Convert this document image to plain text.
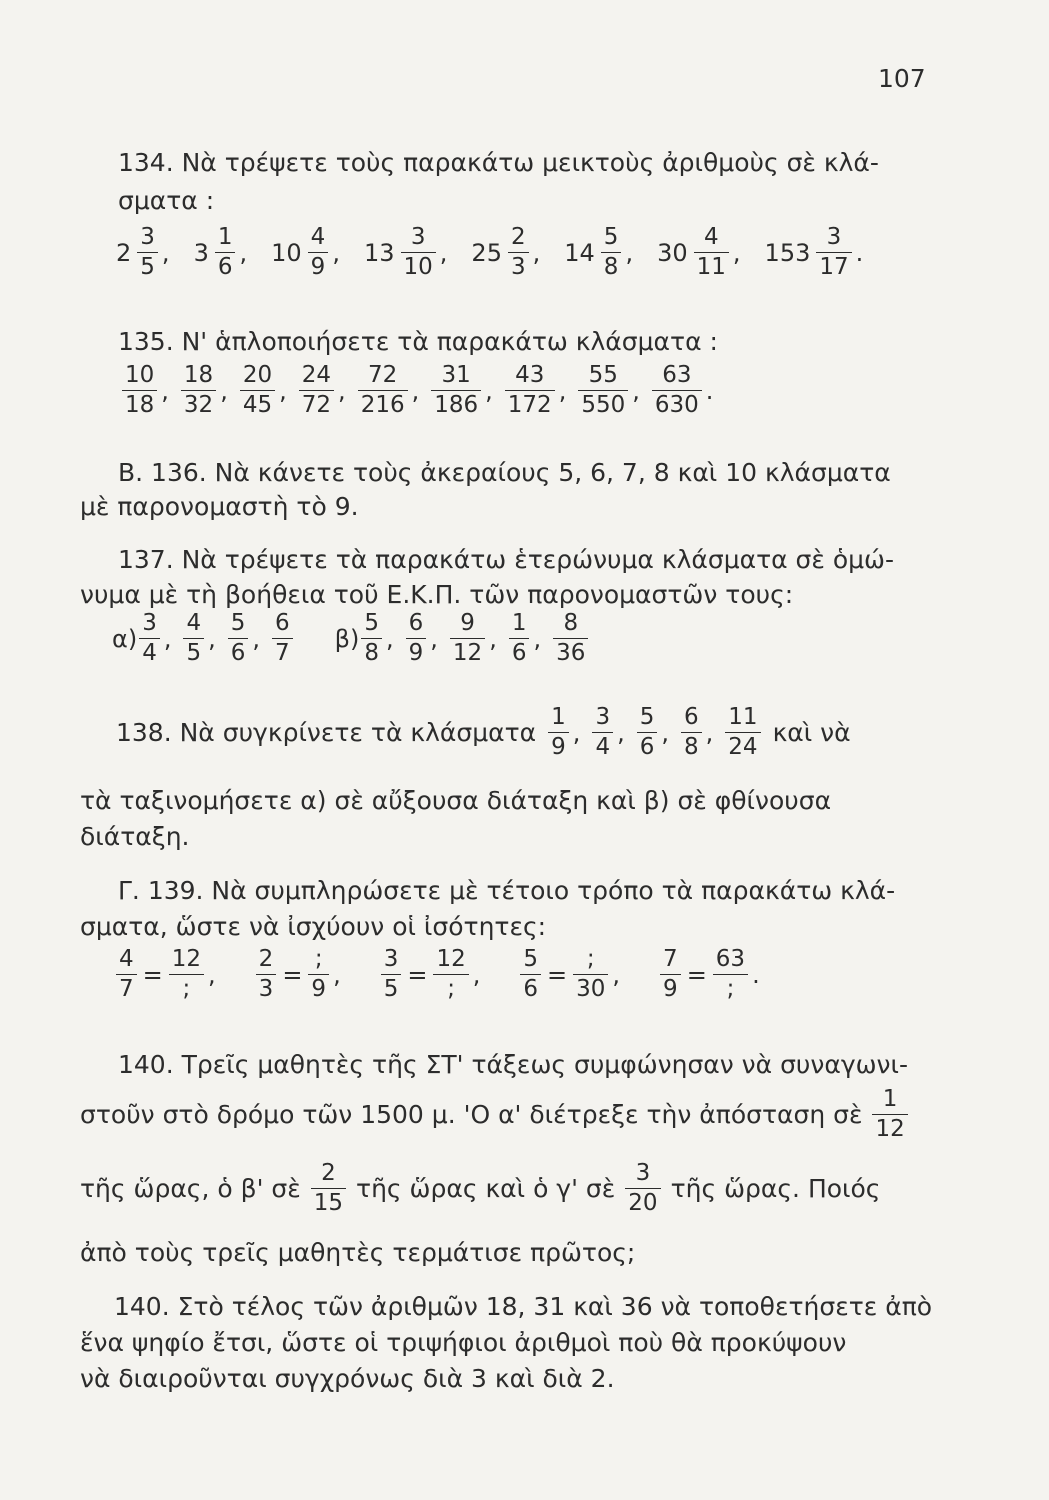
107
134. Νὰ τρέψετε τοὺς παρακάτω μεικτοὺς ἀριθμοὺς σὲ κλά-
σματα :
$2 \frac{3}{5}$ , $3 \frac{1}{6}$ , $10 \frac{4}{9}$ , $13 \frac{3}{10}$ , $25 \frac{2}{3}$ , $14 \frac{5}{8}$ , $30 \frac{4}{11}$ , $153 \frac{3}{17}$ .
135. Ν' ἁπλοποιήσετε τὰ παρακάτω κλάσματα :
$\frac{10}{18}$ , $\frac{18}{32}$ , $\frac{20}{45}$ , $\frac{24}{72}$ , $\frac{72}{216}$ , $\frac{31}{186}$ , $\frac{43}{172}$ , $\frac{55}{550}$ , $\frac{63}{630}$ .
Β. 136. Νὰ κάνετε τοὺς ἀκεραίους 5, 6, 7, 8 καὶ 10 κλάσματα
μὲ παρονομαστὴ τὸ 9.
137. Νὰ τρέψετε τὰ παρακάτω ἑτερώνυμα κλάσματα σὲ ὁμώ-
νυμα μὲ τὴ βοήθεια τοῦ Ε.Κ.Π. τῶν παρονομαστῶν τους:
$\alpha) \frac{3}{4}$ , $\frac{4}{5}$ , $\frac{5}{6}$ , $\frac{6}{7} \beta) \frac{5}{8}$ , $\frac{6}{9}$ , $\frac{9}{12}$ , $\frac{1}{6}$ , $\frac{8}{36}$
138. Νὰ συγκρίνετε τὰ κλάσματα $\frac{1}{9}$ , $\frac{3}{4}$ , $\frac{5}{6}$ , $\frac{6}{8}$ , $\frac{11}{24}$ καὶ νὰ
τὰ ταξινομήσετε α) σὲ αὔξουσα διάταξη καὶ β) σὲ φθίνουσα
διάταξη.
Γ. 139. Νὰ συμπληρώσετε μὲ τέτοιο τρόπο τὰ παρακάτω κλά-
σματα, ὥστε νὰ ἰσχύουν οἱ ἰσότητες:
$\frac{4}{7} = \frac{12}{;}$ , $\frac{2}{3} = \frac{;}{9}$ , $\frac{3}{5} = \frac{12}{;}$ , $\frac{5}{6} = \frac{;}{30}$ , $\frac{7}{9} = \frac{63}{;}$ .
140. Τρεῖς μαθητὲς τῆς ΣΤ' τάξεως συμφώνησαν νὰ συναγωνι-
στοῦν στὸ δρόμο τῶν 1500 μ. 'Ο α' διέτρεξε τὴν ἀπόσταση σὲ $\frac{1}{12}$
τῆς ὥρας, ὁ β' σὲ $\frac{2}{15}$ τῆς ὥρας καὶ ὁ γ' σὲ $\frac{3}{20}$ τῆς ὥρας. Ποιός
ἀπὸ τοὺς τρεῖς μαθητὲς τερμάτισε πρῶτος;
140. Στὸ τέλος τῶν ἀριθμῶν 18, 31 καὶ 36 νὰ τοποθετήσετε ἀπὸ
ἕνα ψηφίο ἔτσι, ὥστε οἱ τριψήφιοι ἀριθμοὶ ποὺ θὰ προκύψουν
νὰ διαιροῦνται συγχρόνως διὰ 3 καὶ διὰ 2.
